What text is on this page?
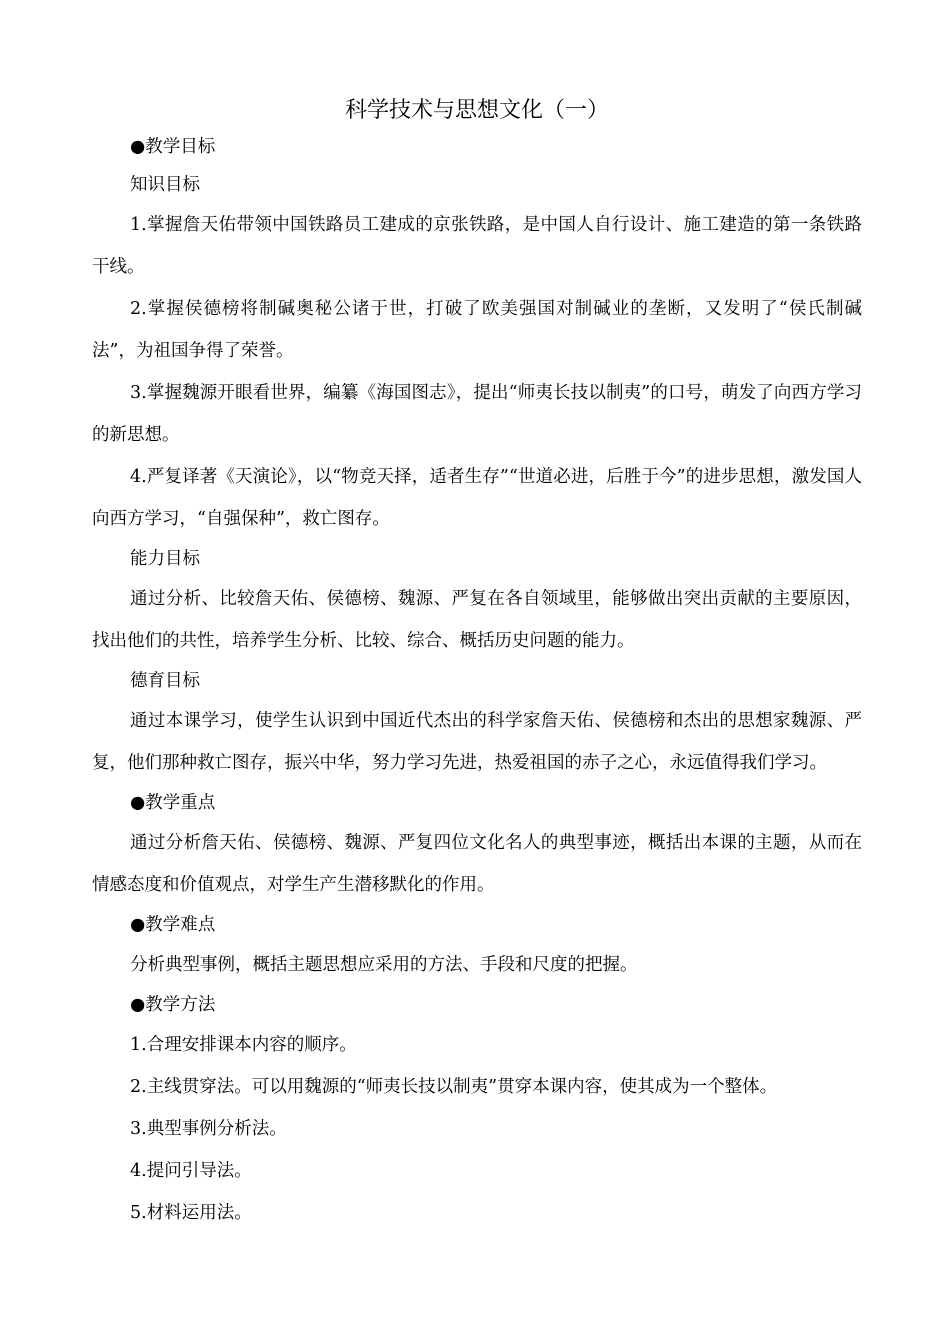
科学技术与思想文化（一）

●教学目标

知识目标

1.掌握詹天佑带领中国铁路员工建成的京张铁路，是中国人自行设计、施工建造的第一条铁路干线。

2.掌握侯德榜将制碱奥秘公诸于世，打破了欧美强国对制碱业的垄断，又发明了“侯氏制碱法”，为祖国争得了荣誉。

3.掌握魏源开眼看世界，编纂《海国图志》，提出“师夷长技以制夷”的口号，萌发了向西方学习的新思想。

4.严复译著《天演论》，以“物竞天择，适者生存”“世道必进，后胜于今”的进步思想，激发国人向西方学习，“自强保种”，救亡图存。

能力目标

通过分析、比较詹天佑、侯德榜、魏源、严复在各自领域里，能够做出突出贡献的主要原因，找出他们的共性，培养学生分析、比较、综合、概括历史问题的能力。

德育目标

通过本课学习，使学生认识到中国近代杰出的科学家詹天佑、侯德榜和杰出的思想家魏源、严复，他们那种救亡图存，振兴中华，努力学习先进，热爱祖国的赤子之心，永远值得我们学习。

●教学重点

通过分析詹天佑、侯德榜、魏源、严复四位文化名人的典型事迹，概括出本课的主题，从而在情感态度和价值观点，对学生产生潜移默化的作用。

●教学难点

分析典型事例，概括主题思想应采用的方法、手段和尺度的把握。

●教学方法

1.合理安排课本内容的顺序。

2.主线贯穿法。可以用魏源的“师夷长技以制夷”贯穿本课内容，使其成为一个整体。

3.典型事例分析法。

4.提问引导法。

5.材料运用法。
